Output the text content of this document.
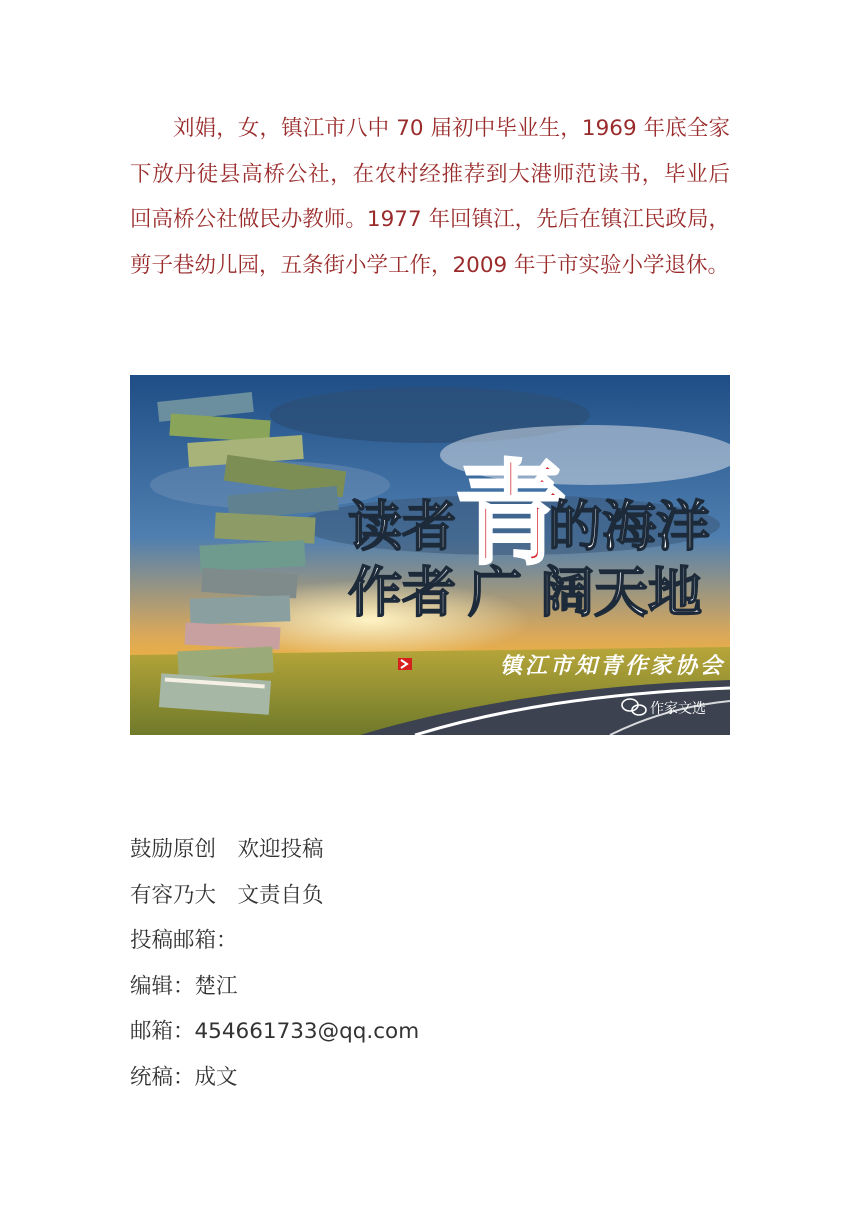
刘娟，女，镇江市八中 70 届初中毕业生，1969 年底全家下放丹徒县高桥公社，在农村经推荐到大港师范读书，毕业后回高桥公社做民办教师。1977 年回镇江，先后在镇江民政局，剪子巷幼儿园，五条街小学工作，2009 年于市实验小学退休。

读者 青
的海洋
作者 广 阔天地
镇江市知青作家协会
作家文选
鼓励原创　欢迎投稿
有容乃大　文责自负
投稿邮箱：
编辑：楚江
邮箱：454661733@qq.com
统稿：成文
